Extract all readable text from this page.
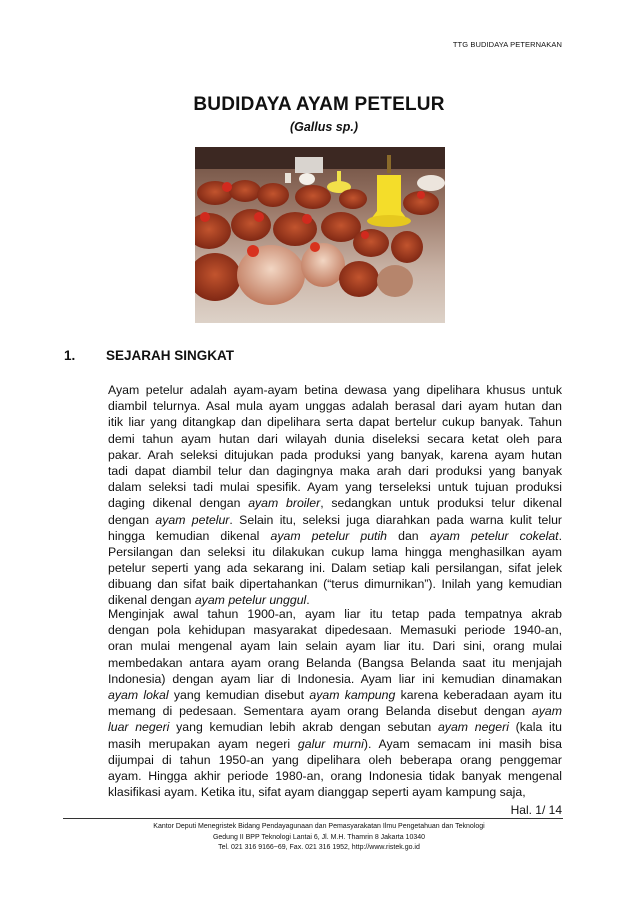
TTG BUDIDAYA PETERNAKAN
BUDIDAYA AYAM PETELUR
(Gallus sp.)
1. SEJARAH SINGKAT
Ayam petelur adalah ayam-ayam betina dewasa yang dipelihara khusus untuk
diambil telurnya. Asal mula ayam unggas adalah berasal dari ayam hutan dan
itik liar yang ditangkap dan dipelihara serta dapat bertelur cukup banyak. Tahun
demi tahun ayam hutan dari wilayah dunia diseleksi secara ketat oleh para
pakar. Arah seleksi ditujukan pada produksi yang banyak, karena ayam hutan
tadi dapat diambil telur dan dagingnya maka arah dari produksi yang banyak
dalam seleksi tadi mulai spesifik. Ayam yang terseleksi untuk tujuan produksi
daging dikenal dengan ayam broiler, sedangkan untuk produksi telur dikenal
dengan ayam petelur. Selain itu, seleksi juga diarahkan pada warna kulit telur
hingga kemudian dikenal ayam petelur putih dan ayam petelur cokelat.
Persilangan dan seleksi itu dilakukan cukup lama hingga menghasilkan ayam
petelur seperti yang ada sekarang ini. Dalam setiap kali persilangan, sifat jelek
dibuang dan sifat baik dipertahankan (“terus dimurnikan”). Inilah yang kemudian
dikenal dengan ayam petelur unggul.
Menginjak awal tahun 1900-an, ayam liar itu tetap pada tempatnya akrab
dengan pola kehidupan masyarakat dipedesaan. Memasuki periode 1940-an,
oran mulai mengenal ayam lain selain ayam liar itu. Dari sini, orang mulai
membedakan antara ayam orang Belanda (Bangsa Belanda saat itu menjajah
Indonesia) dengan ayam liar di Indonesia. Ayam liar ini kemudian dinamakan
ayam lokal yang kemudian disebut ayam kampung karena keberadaan ayam itu
memang di pedesaan. Sementara ayam orang Belanda disebut dengan ayam
luar negeri yang kemudian lebih akrab dengan sebutan ayam negeri (kala itu
masih merupakan ayam negeri galur murni). Ayam semacam ini masih bisa
dijumpai di tahun 1950-an yang dipelihara oleh beberapa orang penggemar
ayam. Hingga akhir periode 1980-an, orang Indonesia tidak banyak mengenal
klasifikasi ayam. Ketika itu, sifat ayam dianggap seperti ayam kampung saja,
Hal. 1/ 14
Kantor Deputi Menegristek Bidang Pendayagunaan dan Pemasyarakatan Ilmu Pengetahuan dan Teknologi
Gedung II BPP Teknologi Lantai 6, Jl. M.H. Thamrin 8 Jakarta 10340
Tel. 021 316 9166~69, Fax. 021 316 1952, http://www.ristek.go.id
